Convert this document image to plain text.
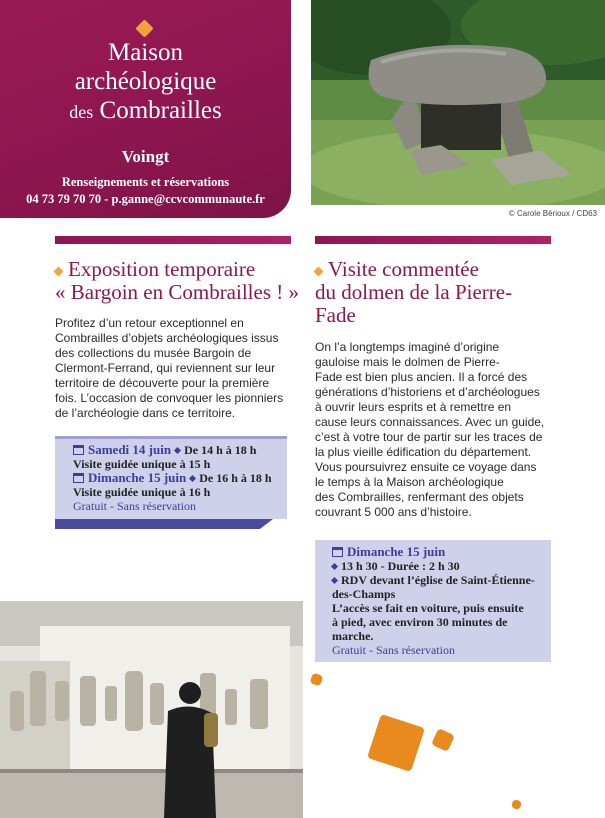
Maison
archéologique
des Combrailles
Voingt
Renseignements et réservations
04 73 79 70 70 - p.ganne@ccvcommunaute.fr
© Carole Bérioux / CD63
Exposition temporaire
« Bargoin en Combrailles ! »
Profitez d’un retour exceptionnel en
Combrailles d’objets archéologiques issus
des collections du musée Bargoin de
Clermont-Ferrand, qui reviennent sur leur
territoire de découverte pour la première
fois. L’occasion de convoquer les pionniers
de l’archéologie dans ce territoire.
Samedi 14 juin De 14 h à 18 h
Visite guidée unique à 15 h
Dimanche 15 juin De 16 h à 18 h
Visite guidée unique à 16 h
Gratuit - Sans réservation
Visite commentée
du dolmen de la Pierre-
Fade
On l’a longtemps imaginé d’origine
gauloise mais le dolmen de Pierre-
Fade est bien plus ancien. Il a forcé des
générations d’historiens et d’archéologues
à ouvrir leurs esprits et à remettre en
cause leurs connaissances. Avec un guide,
c’est à votre tour de partir sur les traces de
la plus vieille édification du département.
Vous poursuivrez ensuite ce voyage dans
le temps à la Maison archéologique
des Combrailles, renfermant des objets
couvrant 5 000 ans d’histoire.
Dimanche 15 juin
13 h 30 - Durée : 2 h 30
RDV devant l’église de Saint-Étienne-
des-Champs
L’accès se fait en voiture, puis ensuite
à pied, avec environ 30 minutes de
marche.
Gratuit - Sans réservation
